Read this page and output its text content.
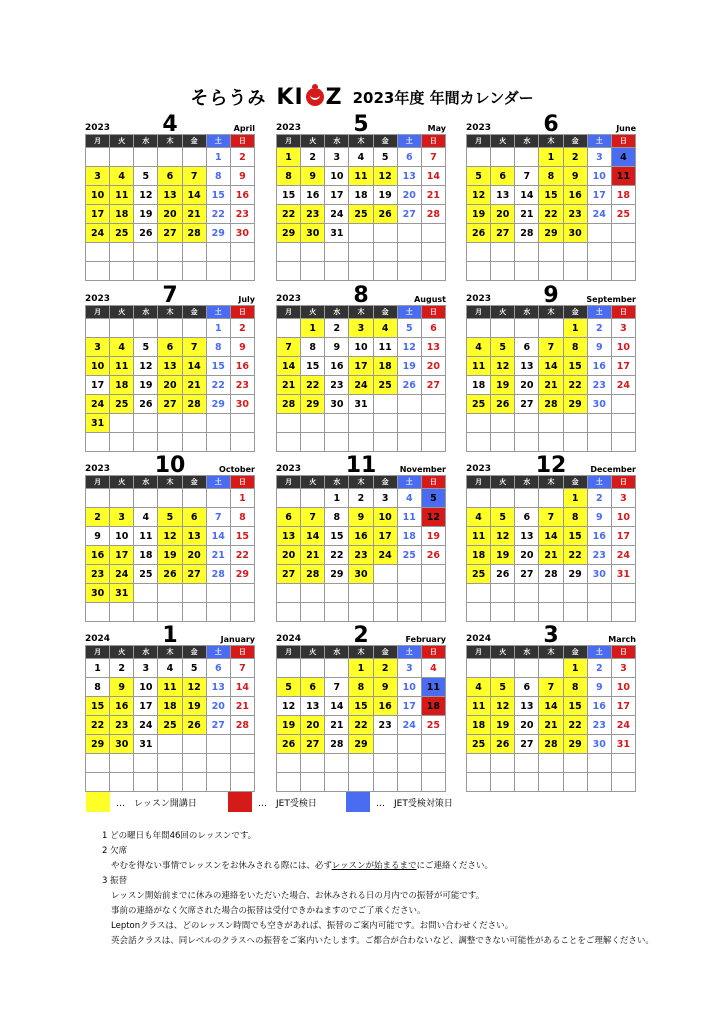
そらうみ KI Z 2023年度 年間カレンダー
2023	4	April
月	火	水	木	金	土	日
					1	2
3	4	5	6	7	8	9
10	11	12	13	14	15	16
17	18	19	20	21	22	23
24	25	26	27	28	29	30

2023	5	May
月	火	水	木	金	土	日
1	2	3	4	5	6	7
8	9	10	11	12	13	14
15	16	17	18	19	20	21
22	23	24	25	26	27	28
29	30	31				

2023	6	June
月	火	水	木	金	土	日
			1	2	3	4
5	6	7	8	9	10	11
12	13	14	15	16	17	18
19	20	21	22	23	24	25
26	27	28	29	30		

2023	7	July
月	火	水	木	金	土	日
					1	2
3	4	5	6	7	8	9
10	11	12	13	14	15	16
17	18	19	20	21	22	23
24	25	26	27	28	29	30
31						

2023	8	August
月	火	水	木	金	土	日
	1	2	3	4	5	6
7	8	9	10	11	12	13
14	15	16	17	18	19	20
21	22	23	24	25	26	27
28	29	30	31			

2023	9	September
月	火	水	木	金	土	日
				1	2	3
4	5	6	7	8	9	10
11	12	13	14	15	16	17
18	19	20	21	22	23	24
25	26	27	28	29	30	

2023	10	October
月	火	水	木	金	土	日
						1
2	3	4	5	6	7	8
9	10	11	12	13	14	15
16	17	18	19	20	21	22
23	24	25	26	27	28	29
30	31					

2023	11	November
月	火	水	木	金	土	日
		1	2	3	4	5
6	7	8	9	10	11	12
13	14	15	16	17	18	19
20	21	22	23	24	25	26
27	28	29	30			

2023	12	December
月	火	水	木	金	土	日
				1	2	3
4	5	6	7	8	9	10
11	12	13	14	15	16	17
18	19	20	21	22	23	24
25	26	27	28	29	30	31

2024	1	January
月	火	水	木	金	土	日
1	2	3	4	5	6	7
8	9	10	11	12	13	14
15	16	17	18	19	20	21
22	23	24	25	26	27	28
29	30	31				

2024	2	February
月	火	水	木	金	土	日
			1	2	3	4
5	6	7	8	9	10	11
12	13	14	15	16	17	18
19	20	21	22	23	24	25
26	27	28	29			

2024	3	March
月	火	水	木	金	土	日
				1	2	3
4	5	6	7	8	9	10
11	12	13	14	15	16	17
18	19	20	21	22	23	24
25	26	27	28	29	30	31

…　レッスン開講日	…　JET受検日	…　JET受検対策日
1 どの曜日も年間46回のレッスンです。
2 欠席
やむを得ない事情でレッスンをお休みされる際には、必ずレッスンが始まるまでにご連絡ください。
3 振替
レッスン開始前までに休みの連絡をいただいた場合、お休みされる日の月内での振替が可能です。
事前の連絡がなく欠席された場合の振替は受付できかねますのでご了承ください。
Leptonクラスは、どのレッスン時間でも空きがあれば、振替のご案内可能です。お問い合わせください。
英会話クラスは、同レベルのクラスへの振替をご案内いたします。ご都合が合わないなど、調整できない可能性があることをご理解ください。
